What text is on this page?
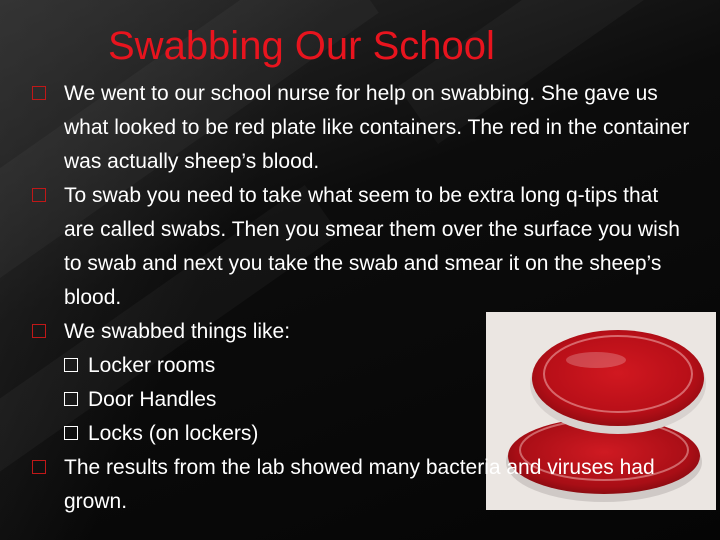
Swabbing Our School
We went to our school nurse for help on swabbing. She gave us what looked to be red plate like containers. The red in the container was actually sheep’s blood.
To swab you need to take what seem to be extra long q-tips that are called swabs. Then you smear them over the surface you wish to swab and next you take the swab and smear it on the sheep’s blood.
We swabbed things like:
Locker rooms
Door Handles
Locks (on lockers)
The results from the lab showed many bacteria and viruses had grown.
